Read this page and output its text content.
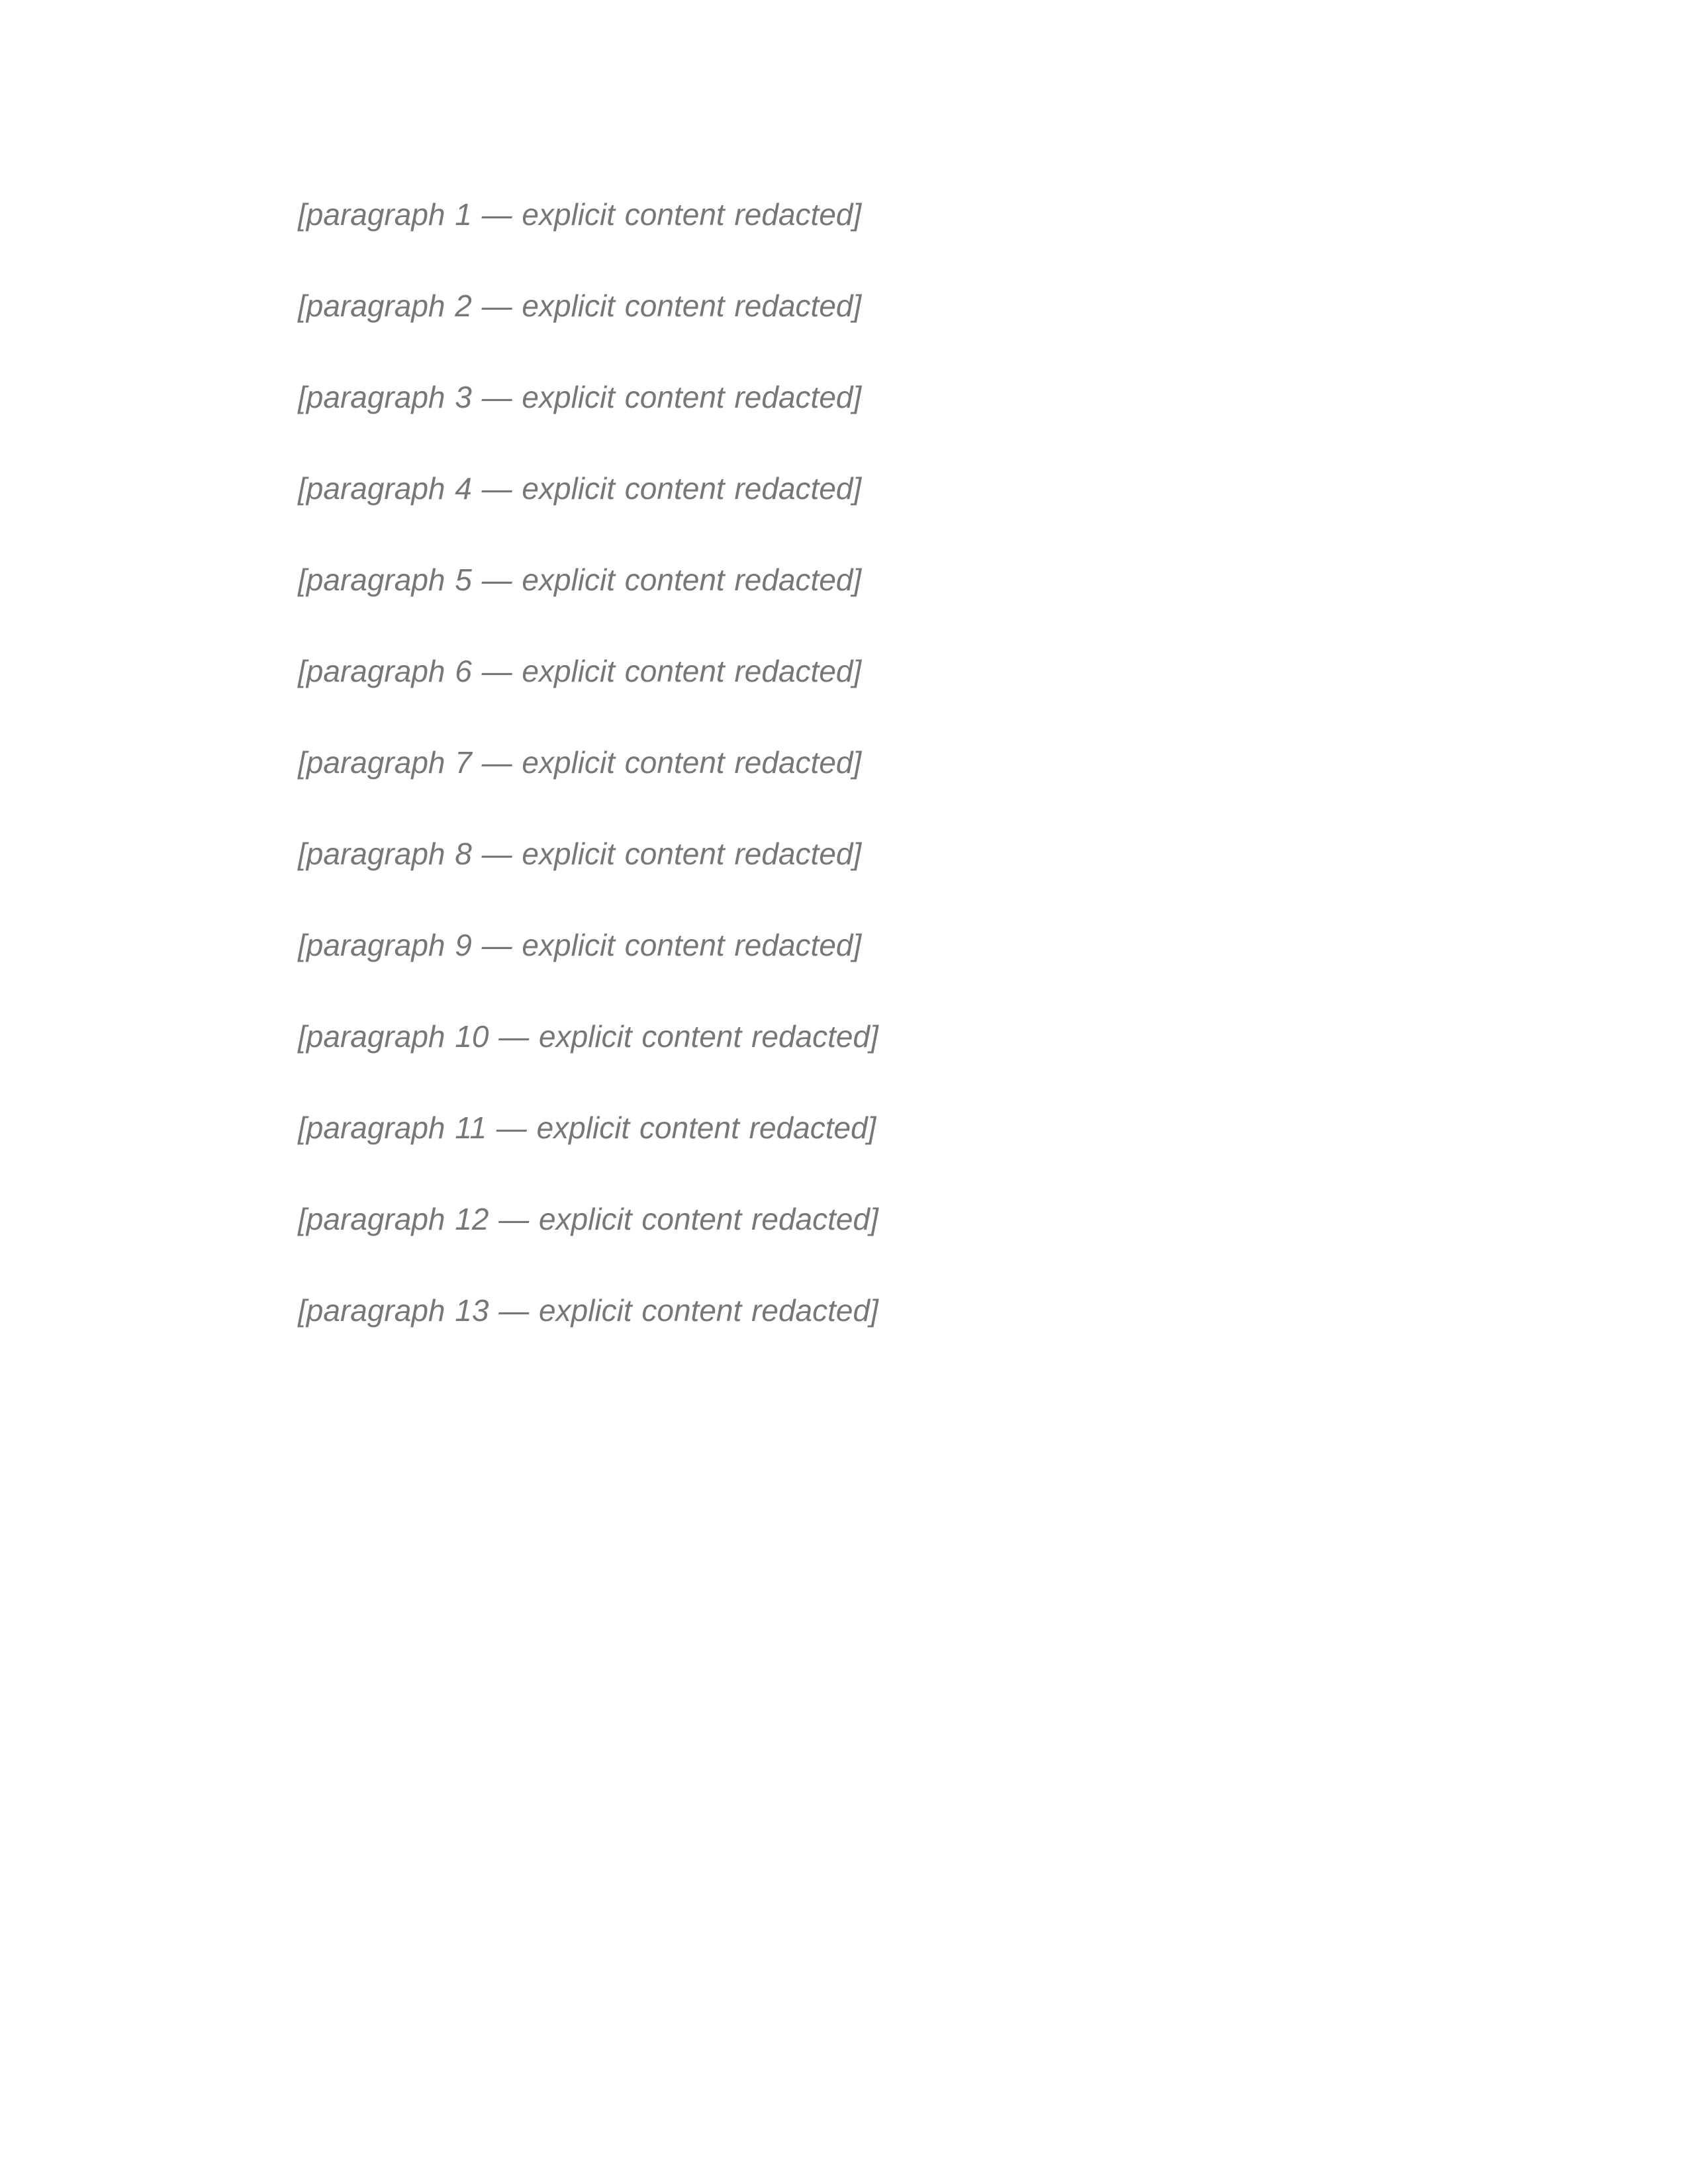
[paragraph 1 — explicit content redacted]

[paragraph 2 — explicit content redacted]

[paragraph 3 — explicit content redacted]

[paragraph 4 — explicit content redacted]

[paragraph 5 — explicit content redacted]

[paragraph 6 — explicit content redacted]

[paragraph 7 — explicit content redacted]

[paragraph 8 — explicit content redacted]

[paragraph 9 — explicit content redacted]

[paragraph 10 — explicit content redacted]

[paragraph 11 — explicit content redacted]

[paragraph 12 — explicit content redacted]

[paragraph 13 — explicit content redacted]
